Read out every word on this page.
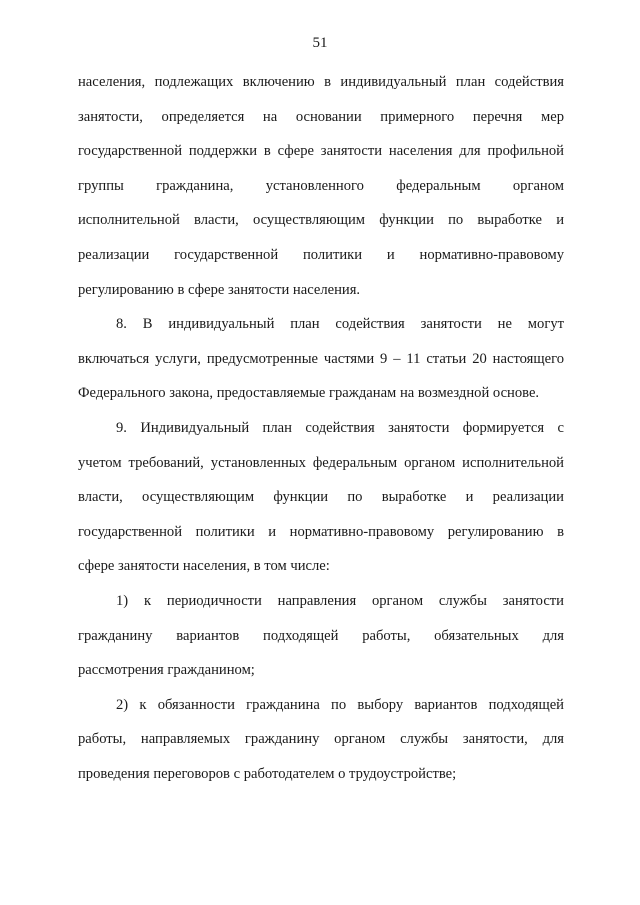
51
населения, подлежащих включению в индивидуальный план содействия
занятости, определяется на основании примерного перечня мер
государственной поддержки в сфере занятости населения для профильной
группы гражданина, установленного федеральным органом
исполнительной власти, осуществляющим функции по выработке и
реализации государственной политики и нормативно-правовому
регулированию в сфере занятости населения.
8. В индивидуальный план содействия занятости не могут
включаться услуги, предусмотренные частями 9 – 11 статьи 20 настоящего
Федерального закона, предоставляемые гражданам на возмездной основе.
9. Индивидуальный план содействия занятости формируется с
учетом требований, установленных федеральным органом исполнительной
власти, осуществляющим функции по выработке и реализации
государственной политики и нормативно-правовому регулированию в
сфере занятости населения, в том числе:
1) к периодичности направления органом службы занятости
гражданину вариантов подходящей работы, обязательных для
рассмотрения гражданином;
2) к обязанности гражданина по выбору вариантов подходящей
работы, направляемых гражданину органом службы занятости, для
проведения переговоров с работодателем о трудоустройстве;
